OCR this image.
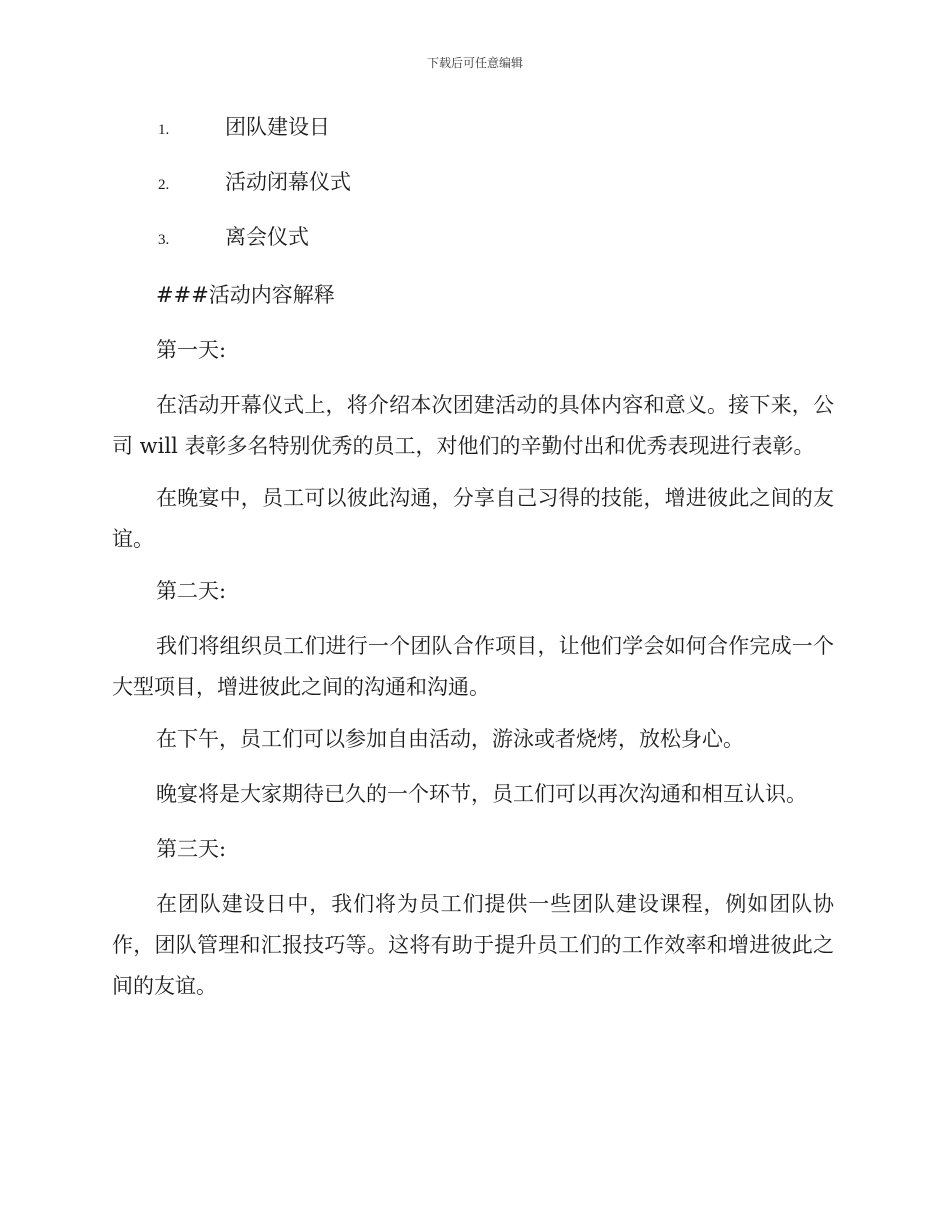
下载后可任意编辑
1.	团队建设日
2.	活动闭幕仪式
3.	离会仪式

###活动内容解释

第一天:

在活动开幕仪式上，将介绍本次团建活动的具体内容和意义。接下来，公司 will 表彰多名特别优秀的员工，对他们的辛勤付出和优秀表现进行表彰。

在晚宴中，员工可以彼此沟通，分享自己习得的技能，增进彼此之间的友谊。

第二天:

我们将组织员工们进行一个团队合作项目，让他们学会如何合作完成一个大型项目，增进彼此之间的沟通和沟通。

在下午，员工们可以参加自由活动，游泳或者烧烤，放松身心。

晚宴将是大家期待已久的一个环节，员工们可以再次沟通和相互认识。

第三天:

在团队建设日中，我们将为员工们提供一些团队建设课程，例如团队协作，团队管理和汇报技巧等。这将有助于提升员工们的工作效率和增进彼此之间的友谊。
